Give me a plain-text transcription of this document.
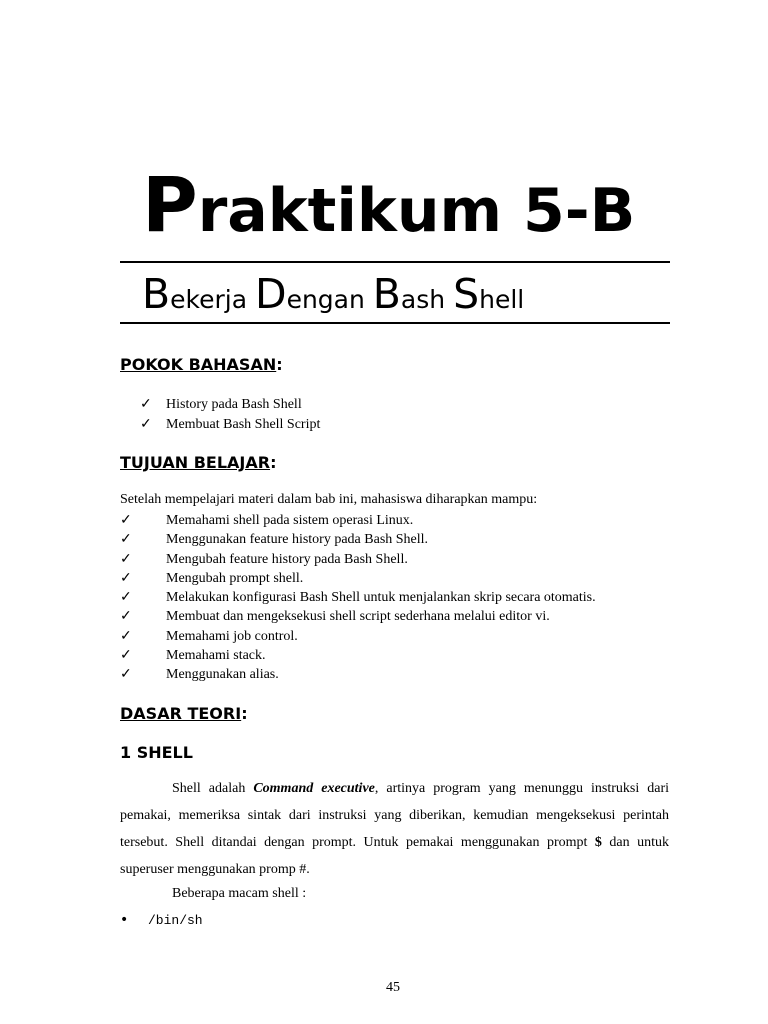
Praktikum 5-B
Bekerja Dengan Bash Shell
POKOK BAHASAN:
✓ History pada Bash Shell
✓ Membuat Bash Shell Script
TUJUAN BELAJAR:
Setelah mempelajari materi dalam bab ini, mahasiswa diharapkan mampu:
✓ Memahami shell pada sistem operasi Linux.
✓ Menggunakan feature history pada Bash Shell.
✓ Mengubah feature history pada Bash Shell.
✓ Mengubah prompt shell.
✓ Melakukan konfigurasi Bash Shell untuk menjalankan skrip secara otomatis.
✓ Membuat dan mengeksekusi shell script sederhana melalui editor vi.
✓ Memahami job control.
✓ Memahami stack.
✓ Menggunakan alias.
DASAR TEORI:
1 SHELL

Shell adalah Command executive, artinya program yang menunggu instruksi dari pemakai, memeriksa sintak dari instruksi yang diberikan, kemudian mengeksekusi perintah tersebut. Shell ditandai dengan prompt. Untuk pemakai menggunakan prompt $ dan untuk superuser menggunakan promp #.

Beberapa macam shell :
• /bin/sh
45
